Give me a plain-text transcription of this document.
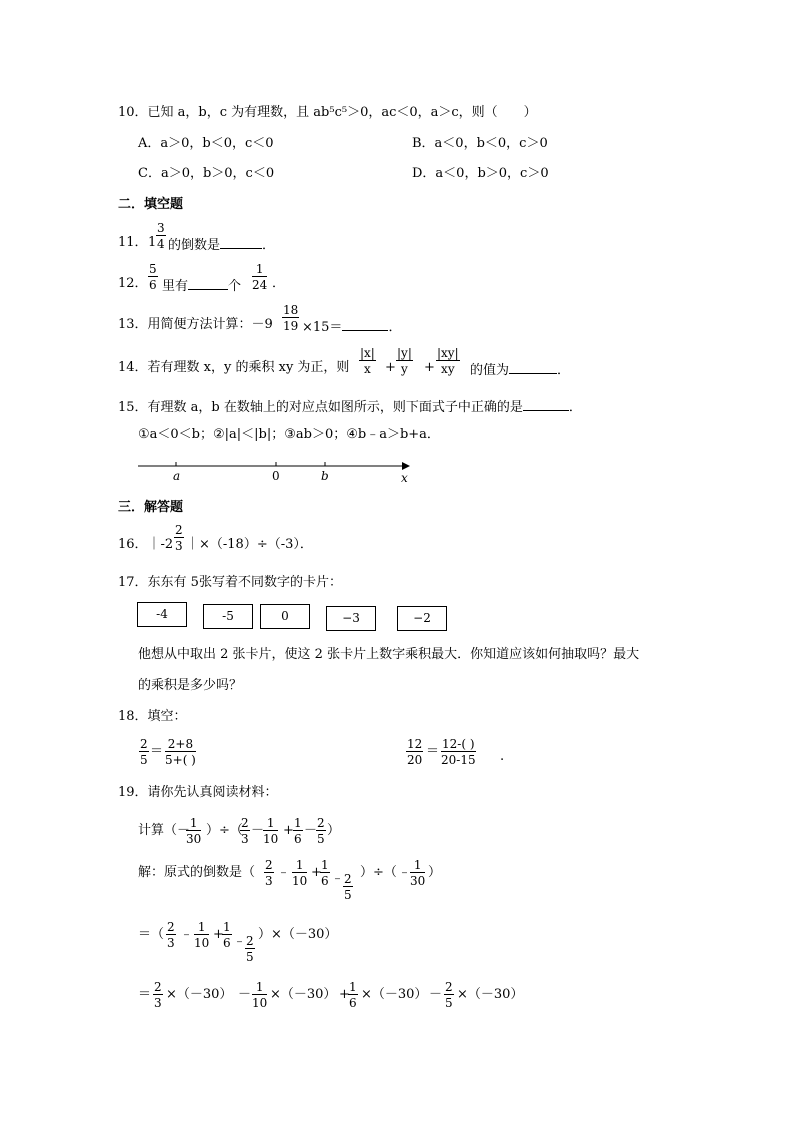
10．已知 a，b，c 为有理数，且 ab⁵c⁵＞0，ac＜0，a＞c，则（　　）
A．a＞0，b＜0，c＜0	B．a＜0，b＜0，c＞0
C．a＞0，b＞0，c＜0	D．a＜0，b＞0，c＞0
二．填空题
11． $1 \frac{3}{4}$ 的倒数是	．
12． $\frac{5}{6}$ 里有	个 $\frac{1}{24}$ ．
13．用简便方法计算：$-9 \frac{18}{19} \times 15=$	．
14．若有理数 x，y 的乘积 xy 为正，则 $\frac{|x|}{x} + \frac{|y|}{y} + \frac{|xy|}{xy}$ 的值为	．
15．有理数 a，b 在数轴上的对应点如图所示，则下面式子中正确的是	．
①a＜0＜b；②|a|＜|b|；③ab＞0；④b﹣a＞b+a．
a	0	b	x
三．解答题
16．｜-2 $\frac{2}{3}$ ｜×（-18）÷（-3）．
17．东东有 5张写着不同数字的卡片：
-4	-5	0	−3	−2
他想从中取出 2 张卡片，使这 2 张卡片上数字乘积最大．你知道应该如何抽取吗？最大
的乘积是多少吗？
18．填空：
$\frac{2}{5} = \frac{2+8}{5+( )}$	$\frac{12}{20} = \frac{12-( )}{20-15}$ .
19．请你先认真阅读材料：
计算（－
$\frac{1}{30}$ ）÷（
$\frac{2}{3}$ －
$\frac{1}{10} + \frac{1}{6}$ －
$\frac{2}{5}$ ）
解：原式的倒数是（ $\frac{2}{3}$ ﹣ $\frac{1}{10}$ +
$\frac{1}{6}$ ﹣
$\frac{2}{5}$
）÷（ ﹣
$\frac{1}{30}$ ）
＝（ $\frac{2}{3}$ ﹣ $\frac{1}{10}$ +
$\frac{1}{6}$ ﹣
$\frac{2}{5}$
）×（－30）
＝ $\frac{2}{3} \times(-30) - \frac{1}{10} \times(-30)$ +
$\frac{1}{6} \times(-30) - \frac{2}{5} \times(-30)$
